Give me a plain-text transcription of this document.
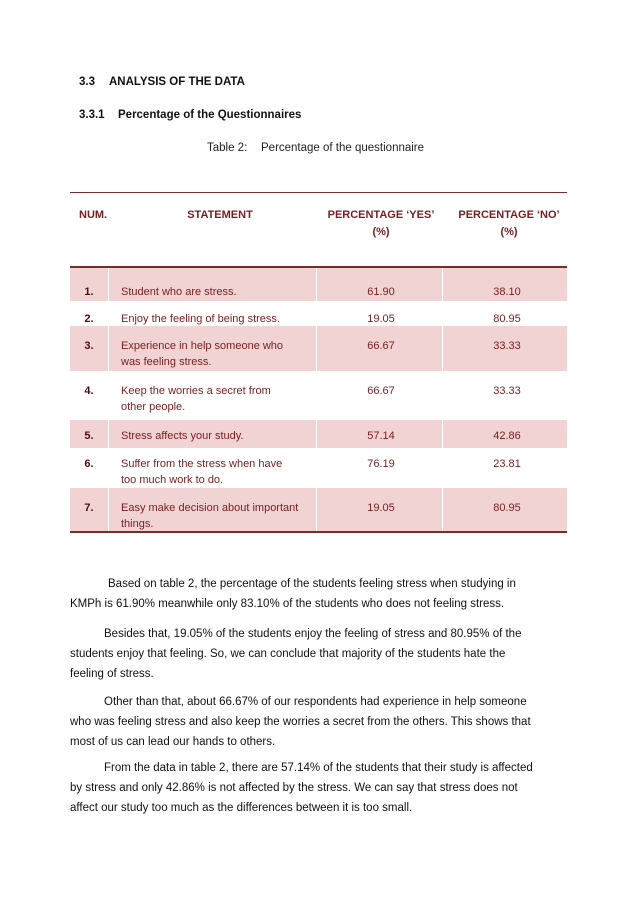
3.3 ANALYSIS OF THE DATA
3.3.1 Percentage of the Questionnaires
Table 2: Percentage of the questionnaire
NUM.	STATEMENT	PERCENTAGE ‘YES’
(%)
PERCENTAGE ‘NO’
(%)
1.	Student who are stress.	61.90	38.10
2.	Enjoy the feeling of being stress.	19.05	80.95
3.	Experience in help someone who
was feeling stress.
66.67	33.33
4.	Keep the worries a secret from
other people.
66.67	33.33
5.	Stress affects your study.	57.14	42.86
6.	Suffer from the stress when have
too much work to do.
76.19	23.81
7.	Easy make decision about important
things.
19.05	80.95
Based on table 2, the percentage of the students feeling stress when studying in
KMPh is 61.90% meanwhile only 83.10% of the students who does not feeling stress.
Besides that, 19.05% of the students enjoy the feeling of stress and 80.95% of the
students enjoy that feeling. So, we can conclude that majority of the students hate the
feeling of stress.
Other than that, about 66.67% of our respondents had experience in help someone
who was feeling stress and also keep the worries a secret from the others. This shows that
most of us can lead our hands to others.
From the data in table 2, there are 57.14% of the students that their study is affected
by stress and only 42.86% is not affected by the stress. We can say that stress does not
affect our study too much as the differences between it is too small.
